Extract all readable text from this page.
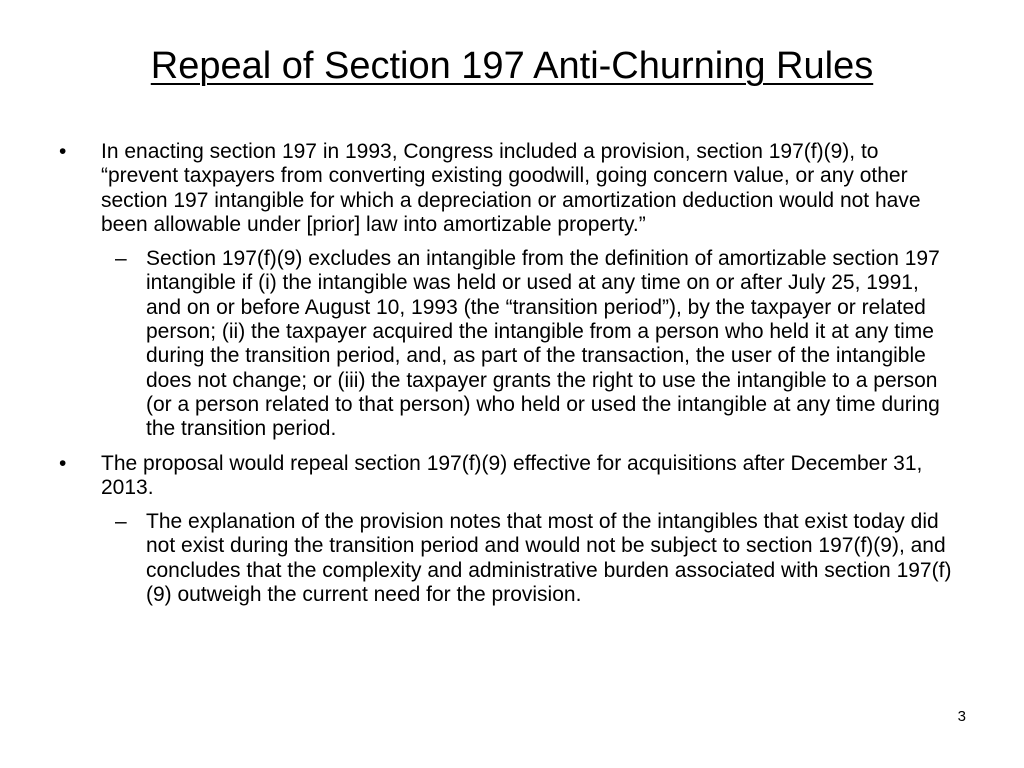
Repeal of Section 197 Anti-Churning Rules
• In enacting section 197 in 1993, Congress included a provision, section 197(f)(9), to “prevent taxpayers from converting existing goodwill, going concern value, or any other section 197 intangible for which a depreciation or amortization deduction would not have been allowable under [prior] law into amortizable property.”
– Section 197(f)(9) excludes an intangible from the definition of amortizable section 197 intangible if (i) the intangible was held or used at any time on or after July 25, 1991, and on or before August 10, 1993 (the “transition period”), by the taxpayer or related person; (ii) the taxpayer acquired the intangible from a person who held it at any time during the transition period, and, as part of the transaction, the user of the intangible does not change; or (iii) the taxpayer grants the right to use the intangible to a person (or a person related to that person) who held or used the intangible at any time during the transition period.
• The proposal would repeal section 197(f)(9) effective for acquisitions after December 31, 2013.
– The explanation of the provision notes that most of the intangibles that exist today did not exist during the transition period and would not be subject to section 197(f)(9), and concludes that the complexity and administrative burden associated with section 197(f)(9) outweigh the current need for the provision.
3
